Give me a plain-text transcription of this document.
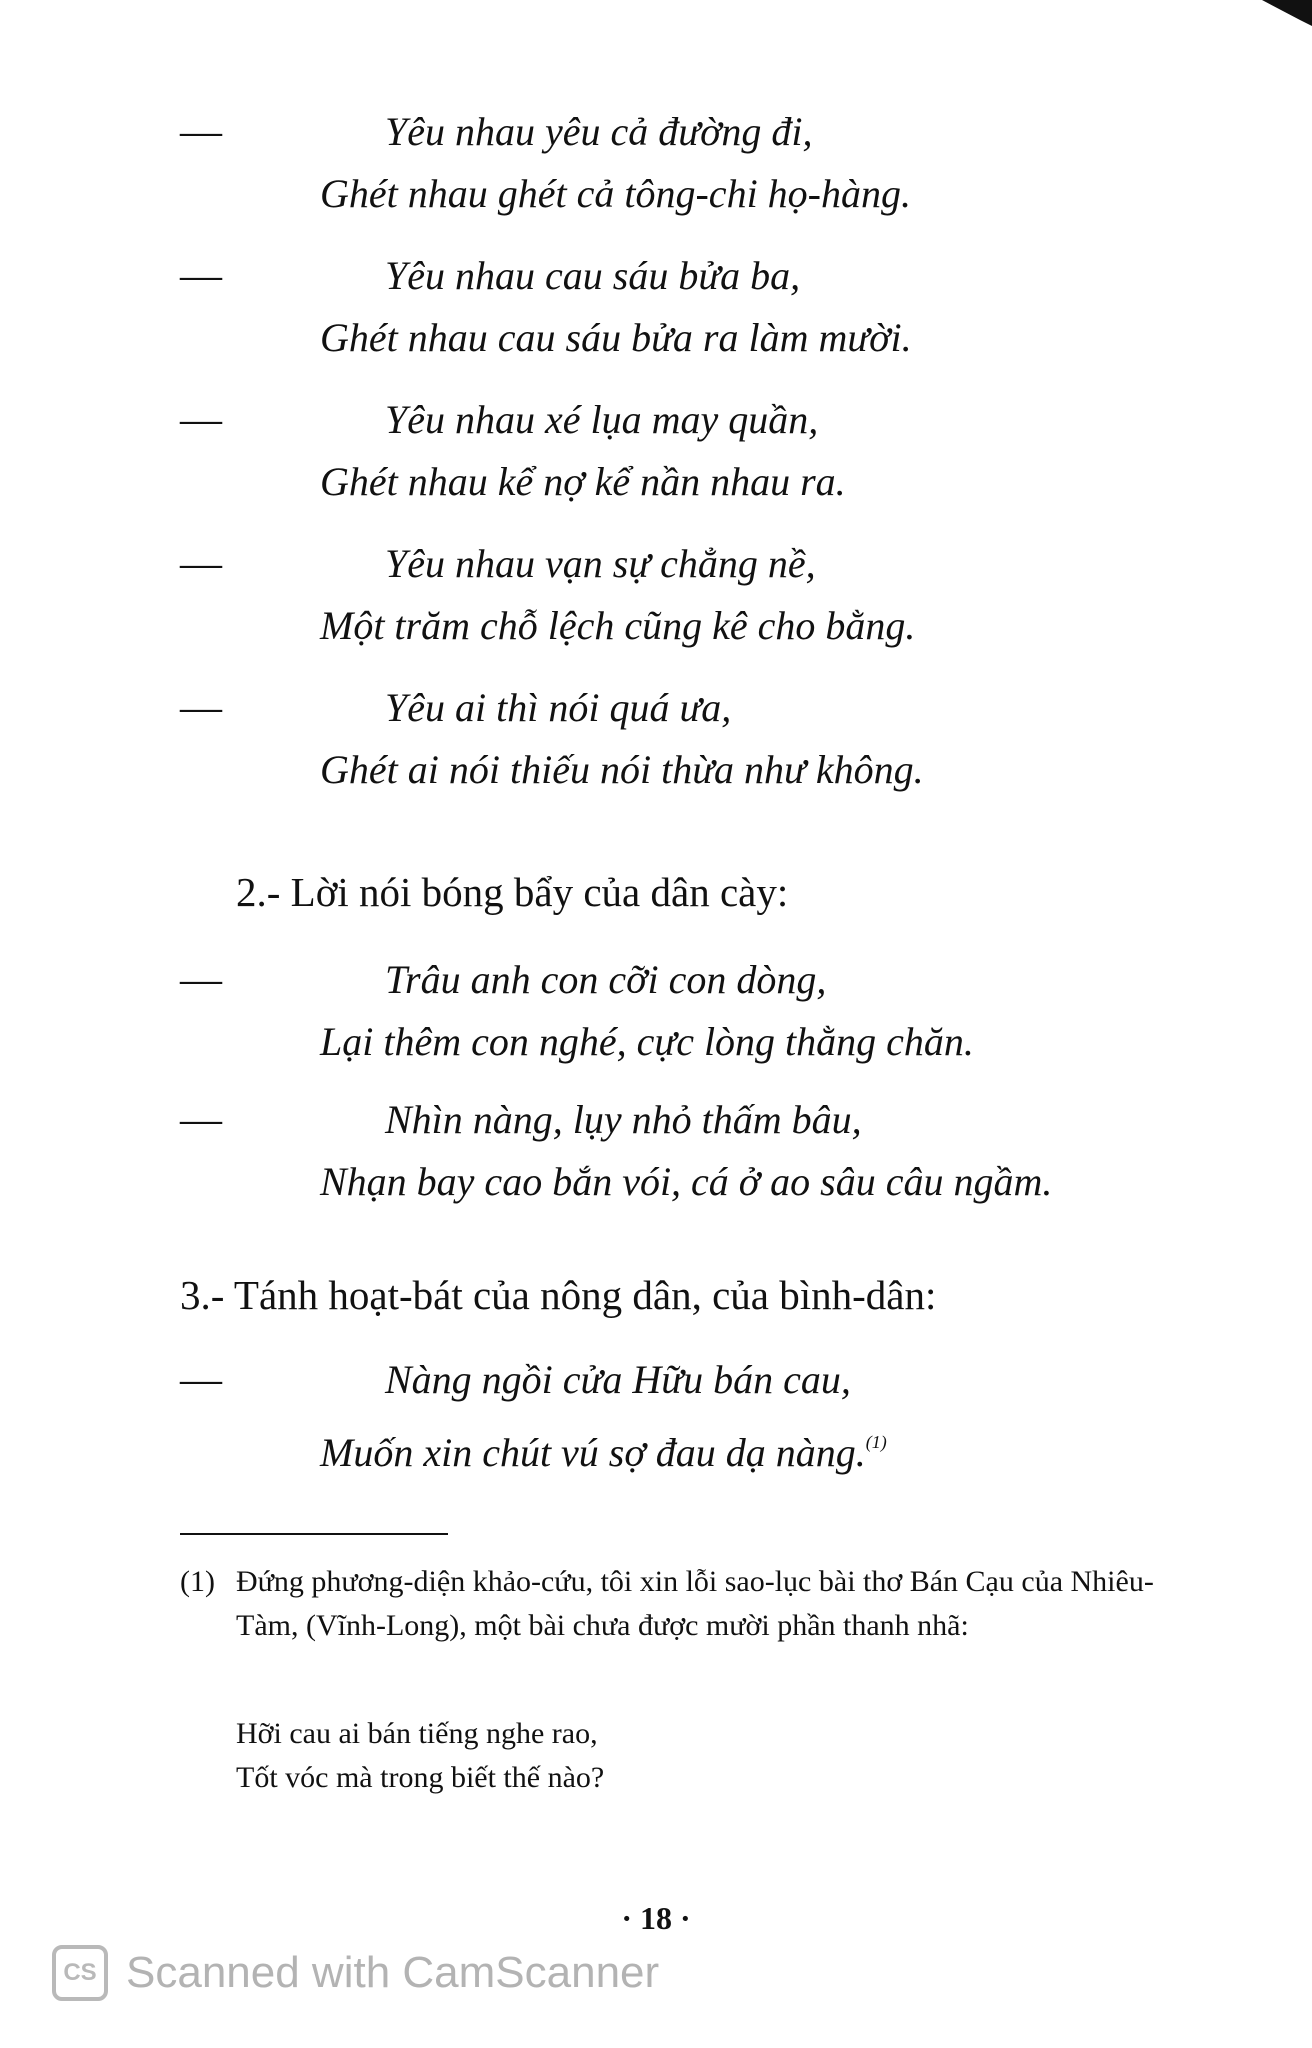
—	Yêu nhau yêu cả đường đi,
Ghét nhau ghét cả tông-chi họ-hàng.
—	Yêu nhau cau sáu bửa ba,
Ghét nhau cau sáu bửa ra làm mười.
—	Yêu nhau xé lụa may quần,
Ghét nhau kể nợ kể nần nhau ra.
—	Yêu nhau vạn sự chẳng nề,
Một trăm chỗ lệch cũng kê cho bằng.
—	Yêu ai thì nói quá ưa,
Ghét ai nói thiếu nói thừa như không.
2.- Lời nói bóng bẩy của dân cày:
—	Trâu anh con cỡi con dòng,
Lại thêm con nghé, cực lòng thằng chăn.
—	Nhìn nàng, lụy nhỏ thấm bâu,
Nhạn bay cao bắn vói, cá ở ao sâu câu ngầm.
3.- Tánh hoạt-bát của nông dân, của bình-dân:
—	Nàng ngồi cửa Hữu bán cau,
Muốn xin chút vú sợ đau dạ nàng.$^{(1)}$
(1) Đứng phương-diện khảo-cứu, tôi xin lỗi sao-lục bài thơ Bán Cạu của Nhiêu-Tàm, (Vĩnh-Long), một bài chưa được mười phần thanh nhã:
Hỡi cau ai bán tiếng nghe rao,
Tốt vóc mà trong biết thế nào?
· 18 ·
CS Scanned with CamScanner
